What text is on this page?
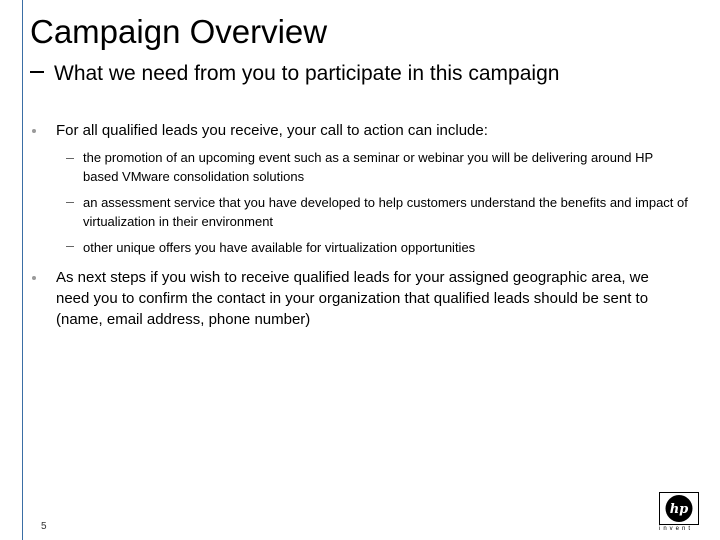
Campaign Overview
What we need from you to participate in this campaign
For all qualified leads you receive, your call to action can include:
the promotion of an upcoming event such as a seminar or webinar you will be delivering around HP based VMware consolidation solutions
an assessment service that you have developed to help customers understand the benefits and impact of virtualization in their environment
other unique offers you have available for virtualization opportunities
As next steps if you wish to receive qualified leads for your assigned geographic area, we need you to confirm the contact in your organization that qualified leads should be sent to (name, email address, phone number)
5
hp
invent
